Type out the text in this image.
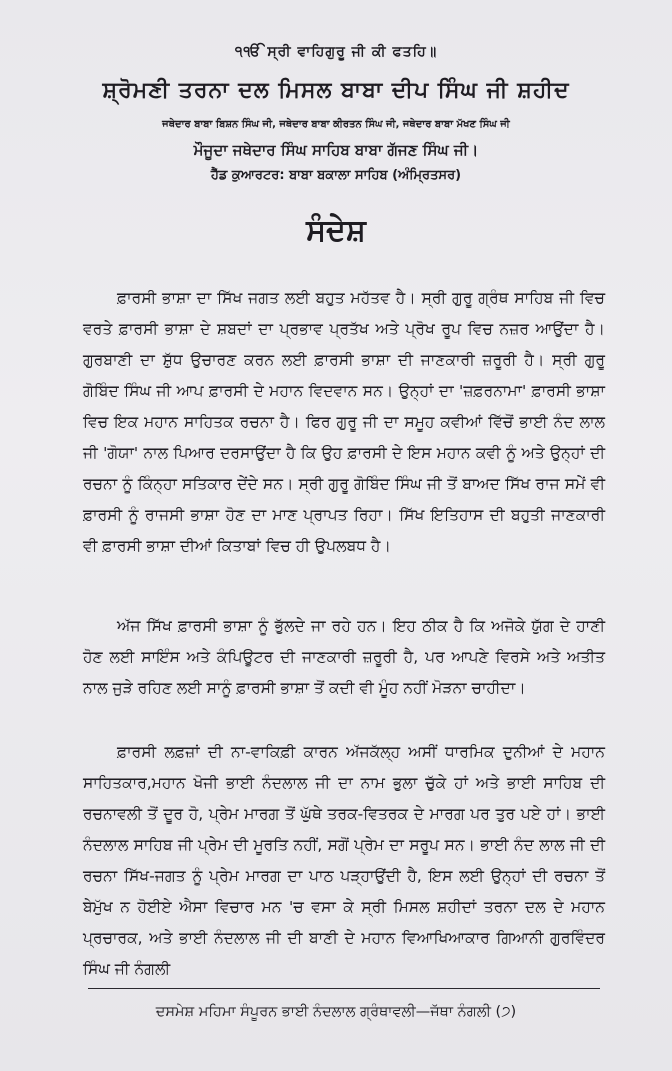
੧ੴ ਸ੍ਰੀ ਵਾਹਿਗੁਰੂ ਜੀ ਕੀ ਫਤਹਿ॥
ਸ਼੍ਰੋਮਣੀ ਤਰਨਾ ਦਲ ਮਿਸਲ ਬਾਬਾ ਦੀਪ ਸਿੰਘ ਜੀ ਸ਼ਹੀਦ
ਜਥੇਦਾਰ ਬਾਬਾ ਬਿਸ਼ਨ ਸਿੰਘ ਜੀ, ਜਥੇਦਾਰ ਬਾਬਾ ਕੀਰਤਨ ਸਿੰਘ ਜੀ, ਜਥੇਦਾਰ ਬਾਬਾ ਮੱਖਣ ਸਿੰਘ ਜੀ
ਮੌਜੂਦਾ ਜਥੇਦਾਰ ਸਿੰਘ ਸਾਹਿਬ ਬਾਬਾ ਗੱਜਣ ਸਿੰਘ ਜੀ।
ਹੈੱਡ ਕੁਆਰਟਰ: ਬਾਬਾ ਬਕਾਲਾ ਸਾਹਿਬ (ਅੰਮ੍ਰਿਤਸਰ)
ਸੰਦੇਸ਼

ਫ਼ਾਰਸੀ ਭਾਸ਼ਾ ਦਾ ਸਿੱਖ ਜਗਤ ਲਈ ਬਹੁਤ ਮਹੱਤਵ ਹੈ। ਸ੍ਰੀ ਗੁਰੂ ਗ੍ਰੰਥ ਸਾਹਿਬ ਜੀ ਵਿਚ ਵਰਤੇ ਫ਼ਾਰਸੀ ਭਾਸ਼ਾ ਦੇ ਸ਼ਬਦਾਂ ਦਾ ਪ੍ਰਭਾਵ ਪ੍ਰਤੱਖ ਅਤੇ ਪ੍ਰੋਖ ਰੂਪ ਵਿਚ ਨਜ਼ਰ ਆਉਂਦਾ ਹੈ। ਗੁਰਬਾਣੀ ਦਾ ਸ਼ੁੱਧ ਉਚਾਰਣ ਕਰਨ ਲਈ ਫ਼ਾਰਸੀ ਭਾਸ਼ਾ ਦੀ ਜਾਣਕਾਰੀ ਜ਼ਰੂਰੀ ਹੈ। ਸ੍ਰੀ ਗੁਰੂ ਗੋਬਿੰਦ ਸਿੰਘ ਜੀ ਆਪ ਫ਼ਾਰਸੀ ਦੇ ਮਹਾਨ ਵਿਦਵਾਨ ਸਨ। ਉਨ੍ਹਾਂ ਦਾ 'ਜ਼ਫ਼ਰਨਾਮਾ' ਫ਼ਾਰਸੀ ਭਾਸ਼ਾ ਵਿਚ ਇਕ ਮਹਾਨ ਸਾਹਿਤਕ ਰਚਨਾ ਹੈ। ਫਿਰ ਗੁਰੂ ਜੀ ਦਾ ਸਮੂਹ ਕਵੀਆਂ ਵਿੱਚੋਂ ਭਾਈ ਨੰਦ ਲਾਲ ਜੀ 'ਗੋਯਾ' ਨਾਲ ਪਿਆਰ ਦਰਸਾਉਂਦਾ ਹੈ ਕਿ ਉਹ ਫ਼ਾਰਸੀ ਦੇ ਇਸ ਮਹਾਨ ਕਵੀ ਨੂੰ ਅਤੇ ਉਨ੍ਹਾਂ ਦੀ ਰਚਨਾ ਨੂੰ ਕਿੰਨ੍ਹਾ ਸਤਿਕਾਰ ਦੇਂਦੇ ਸਨ। ਸ੍ਰੀ ਗੁਰੂ ਗੋਬਿੰਦ ਸਿੰਘ ਜੀ ਤੋਂ ਬਾਅਦ ਸਿੱਖ ਰਾਜ ਸਮੇਂ ਵੀ ਫ਼ਾਰਸੀ ਨੂੰ ਰਾਜਸੀ ਭਾਸ਼ਾ ਹੋਣ ਦਾ ਮਾਣ ਪ੍ਰਾਪਤ ਰਿਹਾ। ਸਿੱਖ ਇਤਿਹਾਸ ਦੀ ਬਹੁਤੀ ਜਾਣਕਾਰੀ ਵੀ ਫ਼ਾਰਸੀ ਭਾਸ਼ਾ ਦੀਆਂ ਕਿਤਾਬਾਂ ਵਿਚ ਹੀ ਉਪਲਬਧ ਹੈ।

ਅੱਜ ਸਿੱਖ ਫ਼ਾਰਸੀ ਭਾਸ਼ਾ ਨੂੰ ਭੁੱਲਦੇ ਜਾ ਰਹੇ ਹਨ। ਇਹ ਠੀਕ ਹੈ ਕਿ ਅਜੋਕੇ ਯੁੱਗ ਦੇ ਹਾਣੀ ਹੋਣ ਲਈ ਸਾਇੰਸ ਅਤੇ ਕੰਪਿਊਟਰ ਦੀ ਜਾਣਕਾਰੀ ਜ਼ਰੂਰੀ ਹੈ, ਪਰ ਆਪਣੇ ਵਿਰਸੇ ਅਤੇ ਅਤੀਤ ਨਾਲ ਜੁੜੇ ਰਹਿਣ ਲਈ ਸਾਨੂੰ ਫ਼ਾਰਸੀ ਭਾਸ਼ਾ ਤੋਂ ਕਦੀ ਵੀ ਮੂੰਹ ਨਹੀਂ ਮੋੜਨਾ ਚਾਹੀਦਾ।

ਫ਼ਾਰਸੀ ਲਫ਼ਜ਼ਾਂ ਦੀ ਨਾ-ਵਾਕਿਫ਼ੀ ਕਾਰਨ ਅੱਜਕੱਲ੍ਹ ਅਸੀਂ ਧਾਰਮਿਕ ਦੁਨੀਆਂ ਦੇ ਮਹਾਨ ਸਾਹਿਤਕਾਰ,ਮਹਾਨ ਖੋਜੀ ਭਾਈ ਨੰਦਲਾਲ ਜੀ ਦਾ ਨਾਮ ਭੁਲਾ ਚੁੱਕੇ ਹਾਂ ਅਤੇ ਭਾਈ ਸਾਹਿਬ ਦੀ ਰਚਨਾਵਲੀ ਤੋਂ ਦੂਰ ਹੋ, ਪ੍ਰੇਮ ਮਾਰਗ ਤੋਂ ਘੁੱਥੇ ਤਰਕ-ਵਿਤਰਕ ਦੇ ਮਾਰਗ ਪਰ ਤੁਰ ਪਏ ਹਾਂ। ਭਾਈ ਨੰਦਲਾਲ ਸਾਹਿਬ ਜੀ ਪ੍ਰੇਮ ਦੀ ਮੂਰਤਿ ਨਹੀਂ, ਸਗੋਂ ਪ੍ਰੇਮ ਦਾ ਸਰੂਪ ਸਨ। ਭਾਈ ਨੰਦ ਲਾਲ ਜੀ ਦੀ ਰਚਨਾ ਸਿੱਖ-ਜਗਤ ਨੂੰ ਪ੍ਰੇਮ ਮਾਰਗ ਦਾ ਪਾਠ ਪੜ੍ਹਾਉਂਦੀ ਹੈ, ਇਸ ਲਈ ਉਨ੍ਹਾਂ ਦੀ ਰਚਨਾ ਤੋਂ ਬੇਮੁੱਖ ਨ ਹੋਈਏ ਐਸਾ ਵਿਚਾਰ ਮਨ 'ਚ ਵਸਾ ਕੇ ਸ੍ਰੀ ਮਿਸਲ ਸ਼ਹੀਦਾਂ ਤਰਨਾ ਦਲ ਦੇ ਮਹਾਨ ਪ੍ਰਚਾਰਕ, ਅਤੇ ਭਾਈ ਨੰਦਲਾਲ ਜੀ ਦੀ ਬਾਣੀ ਦੇ ਮਹਾਨ ਵਿਆਖਿਆਕਾਰ ਗਿਆਨੀ ਗੁਰਵਿੰਦਰ ਸਿੰਘ ਜੀ ਨੰਗਲੀ

ਦਸਮੇਸ਼ ਮਹਿਮਾ ਸੰਪੂਰਨ ਭਾਈ ਨੰਦਲਾਲ ਗ੍ਰੰਥਾਵਲੀ—ਜੱਥਾ ਨੰਗਲੀ (੭)
